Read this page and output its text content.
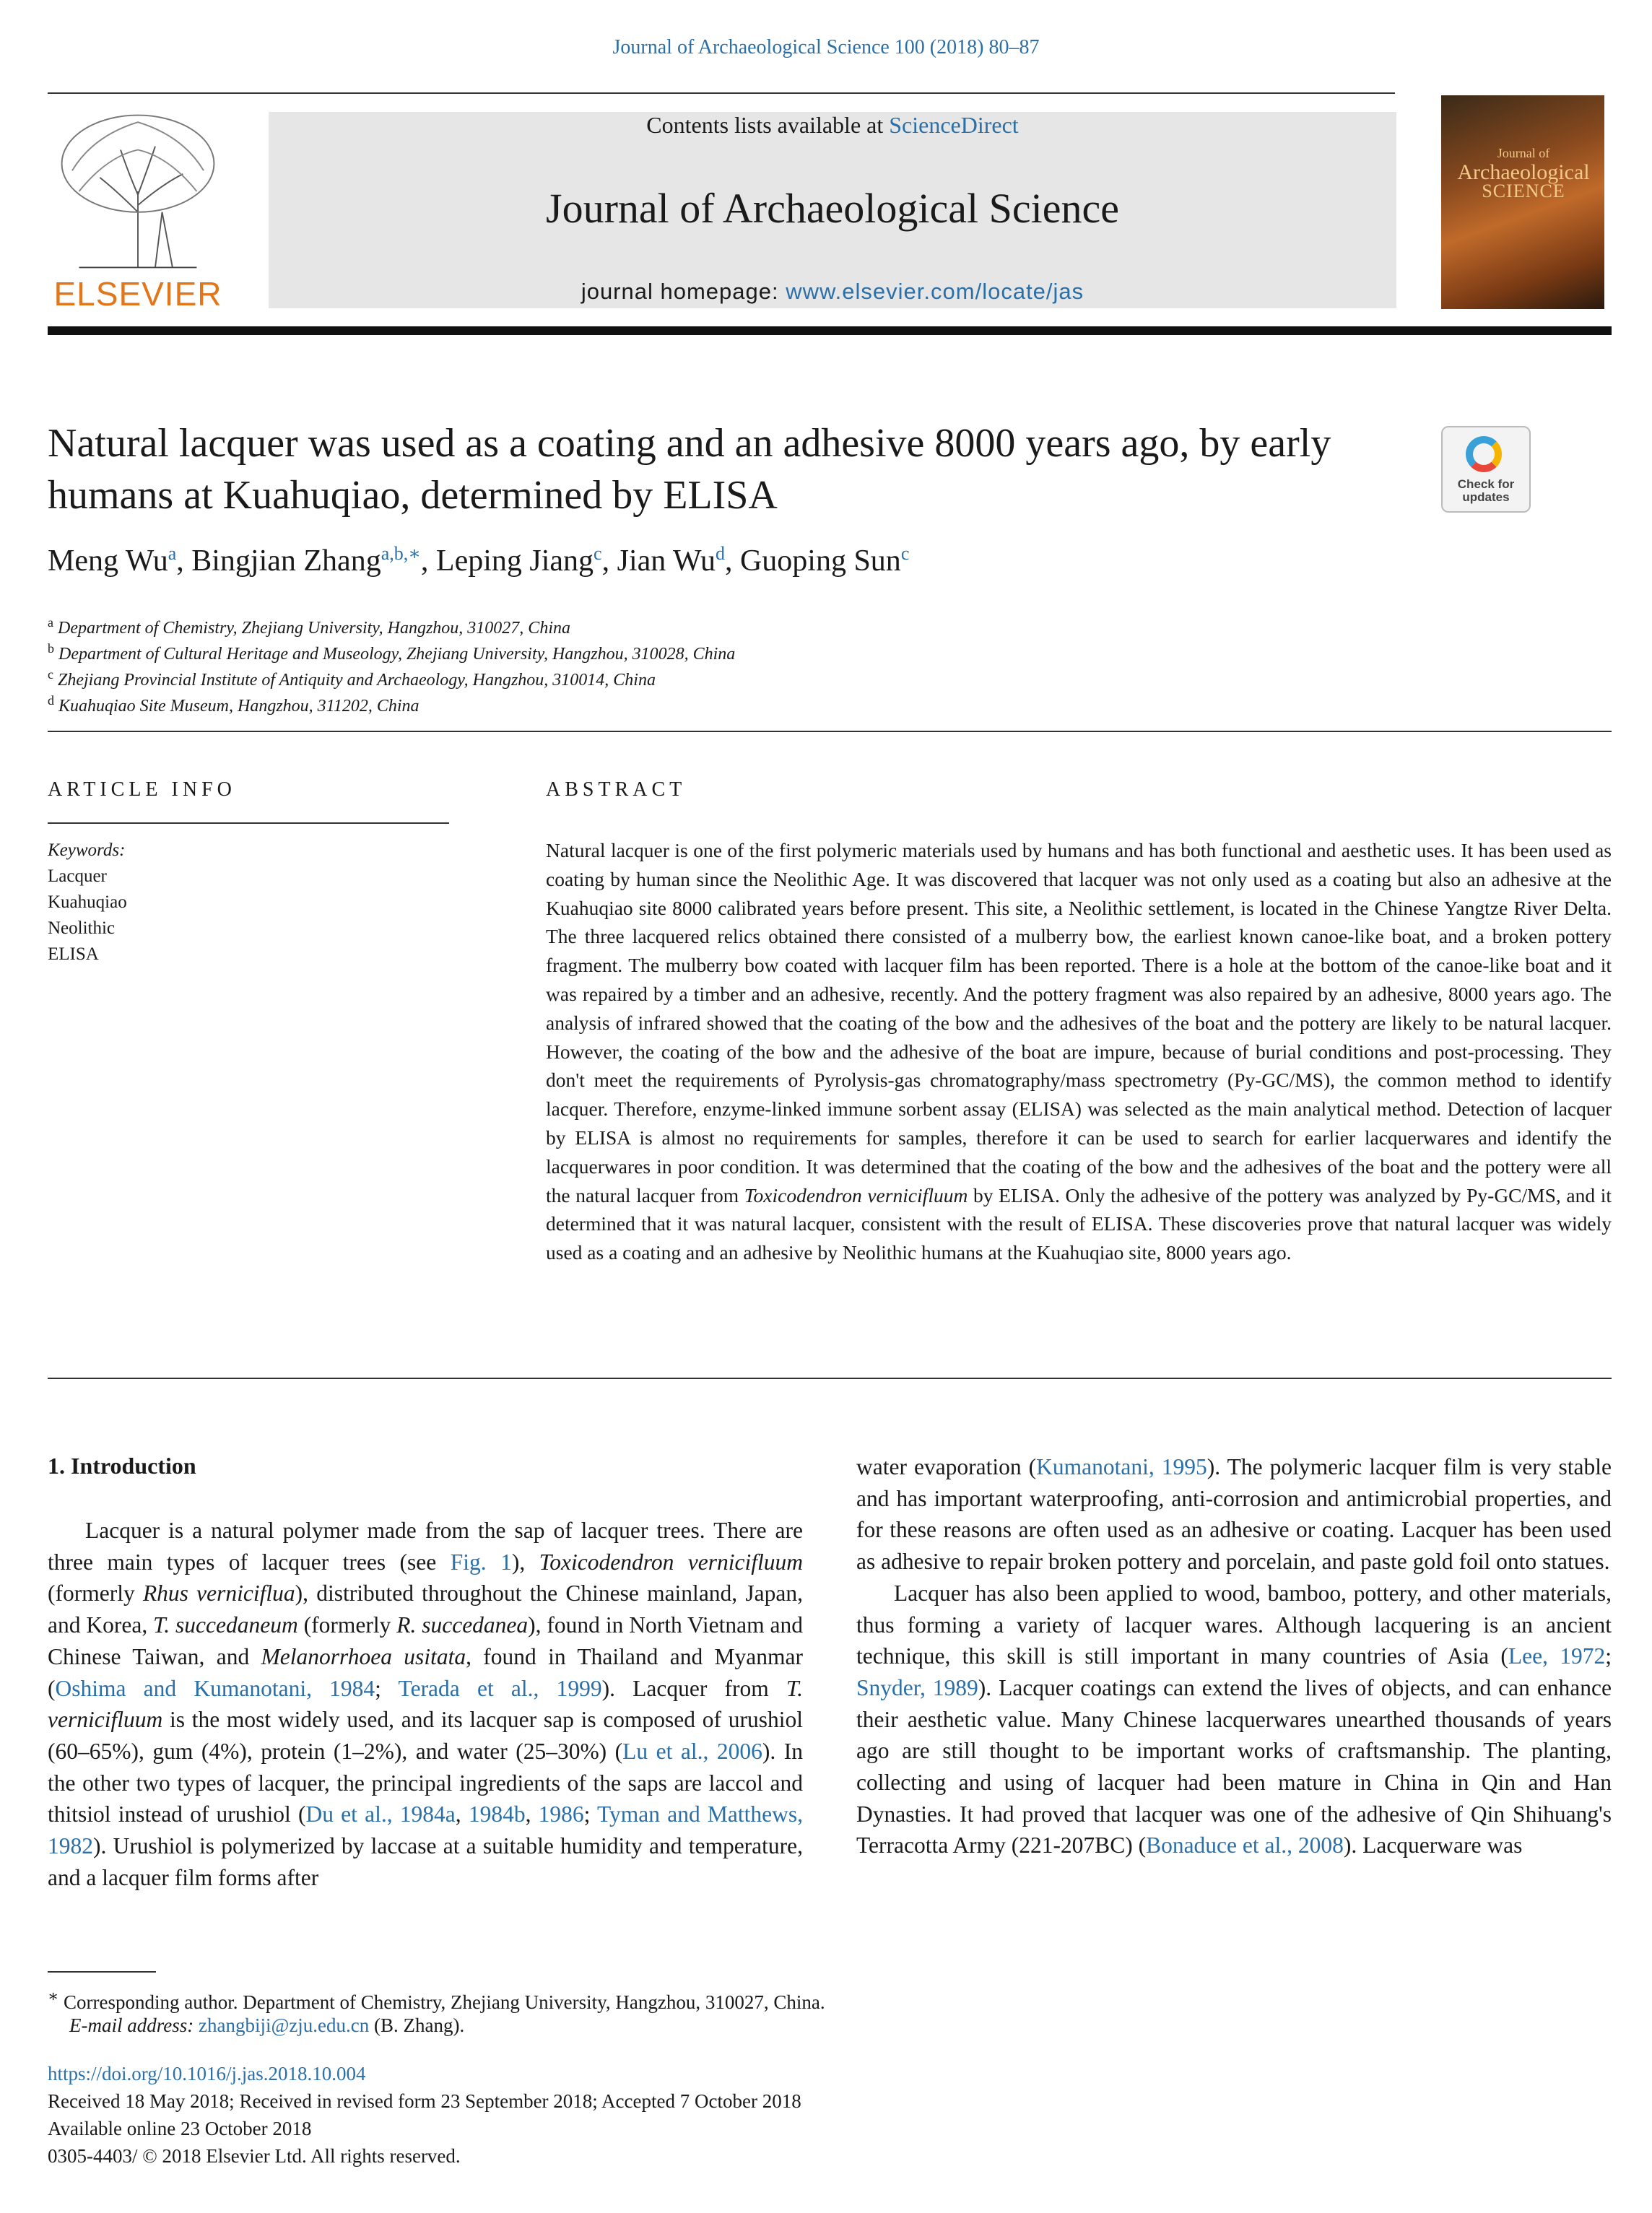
Journal of Archaeological Science 100 (2018) 80–87
ELSEVIER
Contents lists available at ScienceDirect
Journal of Archaeological Science
journal homepage: www.elsevier.com/locate/jas
Journal of
Archaeological
SCIENCE
Natural lacquer was used as a coating and an adhesive 8000 years ago, by early humans at Kuahuqiao, determined by ELISA	Check for
updates
Meng Wu$^a$, Bingjian Zhang$^{a,b,∗}$, Leping Jiang$^c$, Jian Wu$^d$, Guoping Sun$^c$
$^a$ Department of Chemistry, Zhejiang University, Hangzhou, 310027, China
$^b$ Department of Cultural Heritage and Museology, Zhejiang University, Hangzhou, 310028, China
$^c$ Zhejiang Provincial Institute of Antiquity and Archaeology, Hangzhou, 310014, China
$^d$ Kuahuqiao Site Museum, Hangzhou, 311202, China
ARTICLE INFO
Keywords:
Lacquer
Kuahuqiao
Neolithic
ELISA
ABSTRACT
Natural lacquer is one of the first polymeric materials used by humans and has both functional and aesthetic uses. It has been used as coating by human since the Neolithic Age. It was discovered that lacquer was not only used as a coating but also an adhesive at the Kuahuqiao site 8000 calibrated years before present. This site, a Neolithic settlement, is located in the Chinese Yangtze River Delta. The three lacquered relics obtained there consisted of a mulberry bow, the earliest known canoe-like boat, and a broken pottery fragment. The mulberry bow coated with lacquer film has been reported. There is a hole at the bottom of the canoe-like boat and it was repaired by a timber and an adhesive, recently. And the pottery fragment was also repaired by an adhesive, 8000 years ago. The analysis of infrared showed that the coating of the bow and the adhesives of the boat and the pottery are likely to be natural lacquer. However, the coating of the bow and the adhesive of the boat are impure, because of burial conditions and post-processing. They don't meet the requirements of Pyrolysis-gas chromatography/mass spectrometry (Py-GC/MS), the common method to identify lacquer. Therefore, enzyme-linked immune sorbent assay (ELISA) was selected as the main analytical method. Detection of lacquer by ELISA is almost no requirements for samples, therefore it can be used to search for earlier lacquerwares and identify the lacquerwares in poor condition. It was determined that the coating of the bow and the adhesives of the boat and the pottery were all the natural lacquer from Toxicodendron vernicifluum by ELISA. Only the adhesive of the pottery was analyzed by Py-GC/MS, and it determined that it was natural lacquer, consistent with the result of ELISA. These discoveries prove that natural lacquer was widely used as a coating and an adhesive by Neolithic humans at the Kuahuqiao site, 8000 years ago.
1. Introduction

Lacquer is a natural polymer made from the sap of lacquer trees. There are three main types of lacquer trees (see Fig. 1), Toxicodendron vernicifluum (formerly Rhus verniciflua), distributed throughout the Chinese mainland, Japan, and Korea, T. succedaneum (formerly R. succedanea), found in North Vietnam and Chinese Taiwan, and Melanorrhoea usitata, found in Thailand and Myanmar (Oshima and Kumanotani, 1984; Terada et al., 1999). Lacquer from T. vernicifluum is the most widely used, and its lacquer sap is composed of urushiol (60–65%), gum (4%), protein (1–2%), and water (25–30%) (Lu et al., 2006). In the other two types of lacquer, the principal ingredients of the saps are laccol and thitsiol instead of urushiol (Du et al., 1984a, 1984b, 1986; Tyman and Matthews, 1982). Urushiol is polymerized by laccase at a suitable humidity and temperature, and a lacquer film forms after

water evaporation (Kumanotani, 1995). The polymeric lacquer film is very stable and has important waterproofing, anti-corrosion and antimicrobial properties, and for these reasons are often used as an adhesive or coating. Lacquer has been used as adhesive to repair broken pottery and porcelain, and paste gold foil onto statues.

Lacquer has also been applied to wood, bamboo, pottery, and other materials, thus forming a variety of lacquer wares. Although lacquering is an ancient technique, this skill is still important in many countries of Asia (Lee, 1972; Snyder, 1989). Lacquer coatings can extend the lives of objects, and can enhance their aesthetic value. Many Chinese lacquerwares unearthed thousands of years ago are still thought to be important works of craftsmanship. The planting, collecting and using of lacquer had been mature in China in Qin and Han Dynasties. It had proved that lacquer was one of the adhesive of Qin Shihuang's Terracotta Army (221-207BC) (Bonaduce et al., 2008). Lacquerware was

∗ Corresponding author. Department of Chemistry, Zhejiang University, Hangzhou, 310027, China.
E-mail address: zhangbiji@zju.edu.cn (B. Zhang).
https://doi.org/10.1016/j.jas.2018.10.004
Received 18 May 2018; Received in revised form 23 September 2018; Accepted 7 October 2018
Available online 23 October 2018
0305-4403/ © 2018 Elsevier Ltd. All rights reserved.
